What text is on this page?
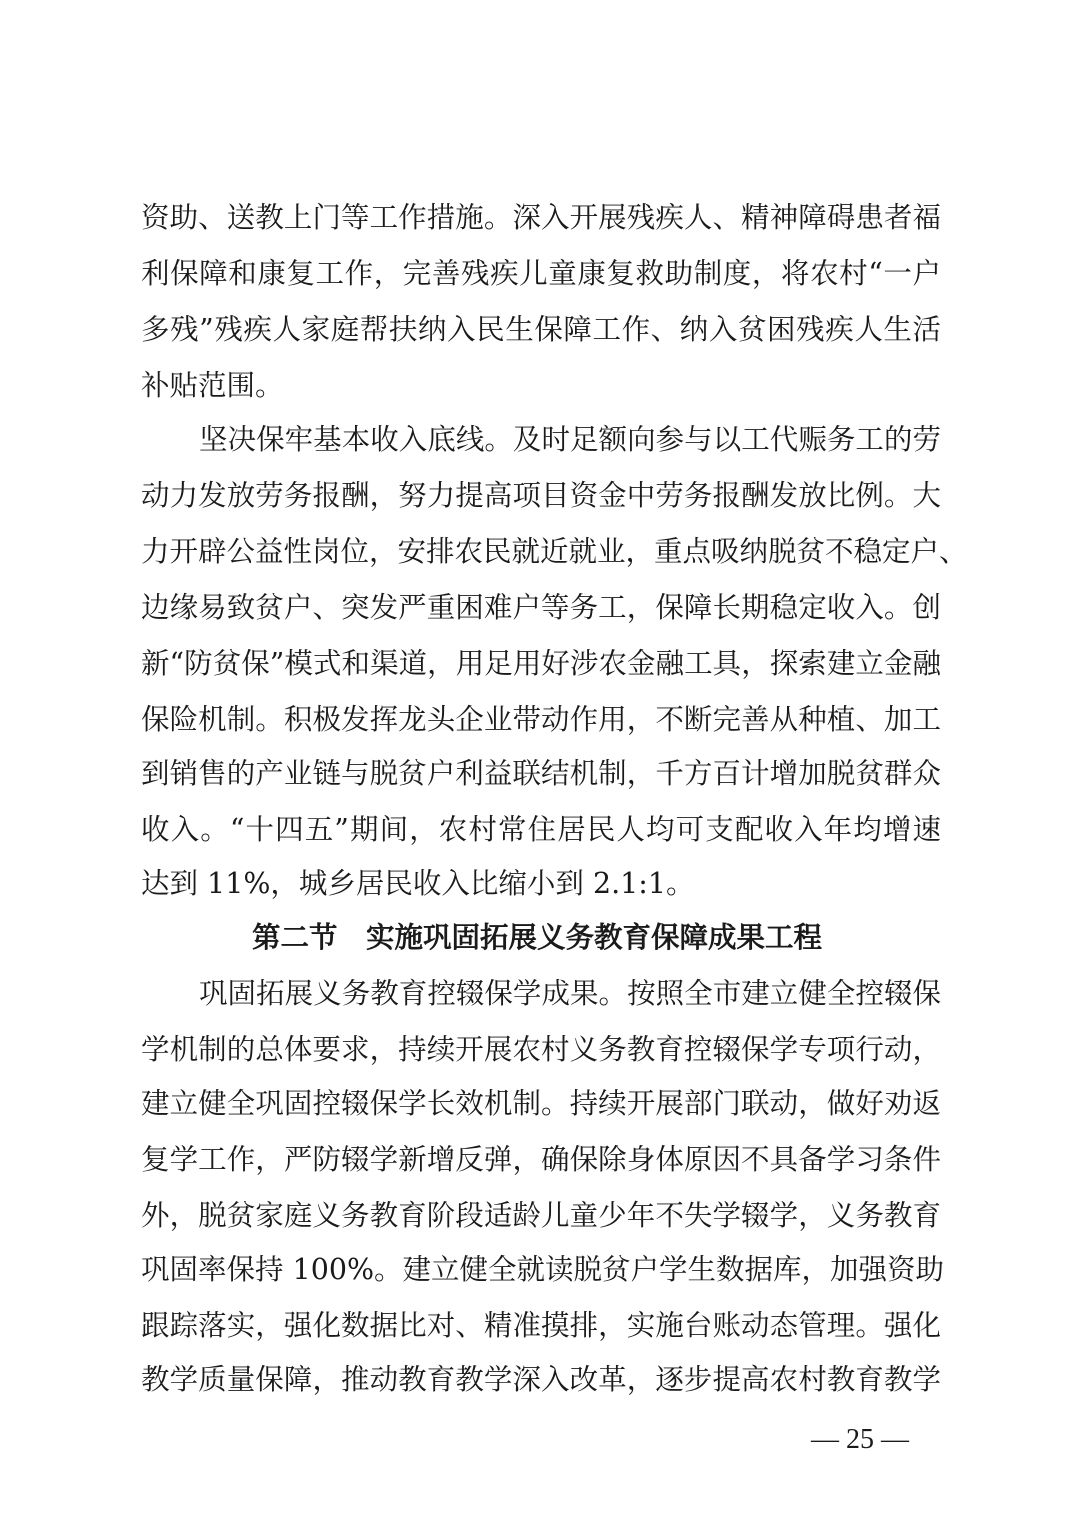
资助、送教上门等工作措施。深入开展残疾人、精神障碍患者福
利保障和康复工作，完善残疾儿童康复救助制度，将农村“一户
多残”残疾人家庭帮扶纳入民生保障工作、纳入贫困残疾人生活
补贴范围。
坚决保牢基本收入底线。及时足额向参与以工代赈务工的劳
动力发放劳务报酬，努力提高项目资金中劳务报酬发放比例。大
力开辟公益性岗位，安排农民就近就业，重点吸纳脱贫不稳定户、
边缘易致贫户、突发严重困难户等务工，保障长期稳定收入。创
新“防贫保”模式和渠道，用足用好涉农金融工具，探索建立金融
保险机制。积极发挥龙头企业带动作用，不断完善从种植、加工
到销售的产业链与脱贫户利益联结机制，千方百计增加脱贫群众
收入。“十四五”期间，农村常住居民人均可支配收入年均增速
达到 11%，城乡居民收入比缩小到 2.1:1。
第二节　实施巩固拓展义务教育保障成果工程
巩固拓展义务教育控辍保学成果。按照全市建立健全控辍保
学机制的总体要求，持续开展农村义务教育控辍保学专项行动，
建立健全巩固控辍保学长效机制。持续开展部门联动，做好劝返
复学工作，严防辍学新增反弹，确保除身体原因不具备学习条件
外，脱贫家庭义务教育阶段适龄儿童少年不失学辍学，义务教育
巩固率保持 100%。建立健全就读脱贫户学生数据库，加强资助
跟踪落实，强化数据比对、精准摸排，实施台账动态管理。强化
教学质量保障，推动教育教学深入改革，逐步提高农村教育教学
— 25 —
